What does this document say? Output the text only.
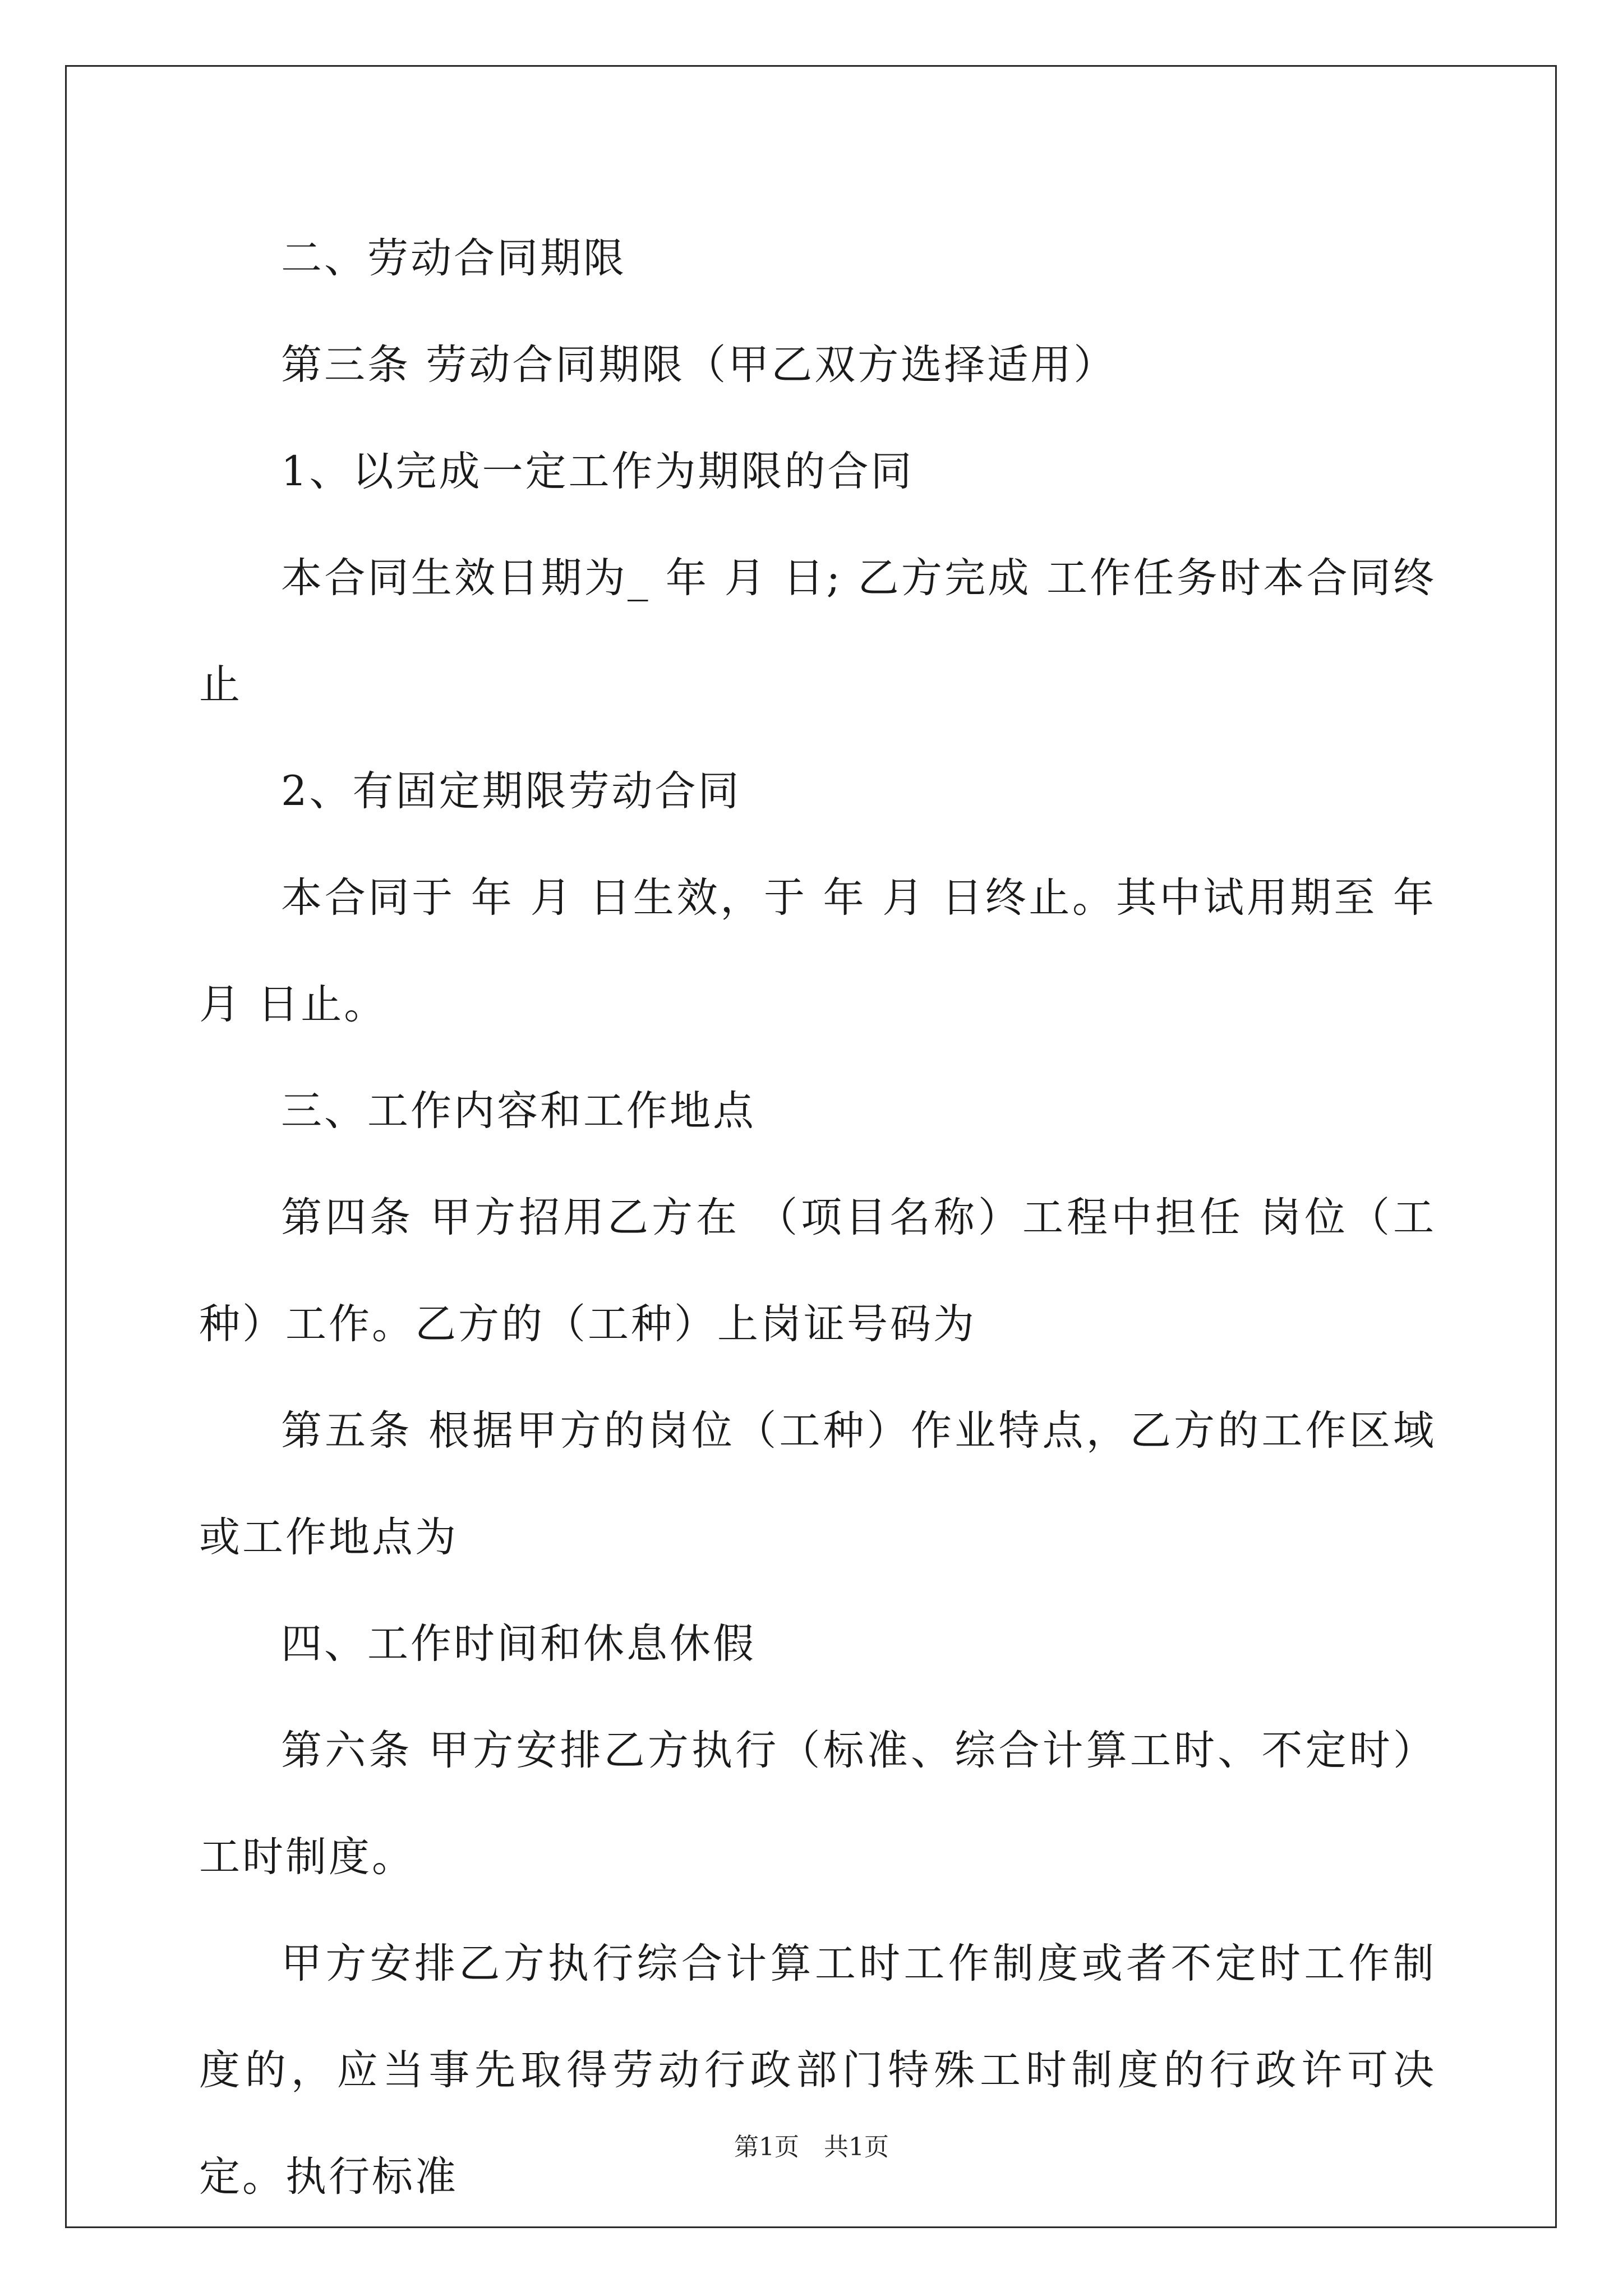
二、劳动合同期限

第三条 劳动合同期限（甲乙双方选择适用）

1、以完成一定工作为期限的合同

本合同生效日期为_ 年 月 日; 乙方完成 工作任务时本合同终止

2、有固定期限劳动合同

本合同于 年 月 日生效，于 年 月 日终止。其中试用期至 年 月 日止。

三、工作内容和工作地点

第四条 甲方招用乙方在 （项目名称）工程中担任 岗位（工种）工作。乙方的（工种）上岗证号码为

第五条 根据甲方的岗位（工种）作业特点，乙方的工作区域或工作地点为

四、工作时间和休息休假

第六条 甲方安排乙方执行（标准、综合计算工时、不定时） 工时制度。

甲方安排乙方执行综合计算工时工作制度或者不定时工作制度的，应当事先取得劳动行政部门特殊工时制度的行政许可决定。执行标准

第1页　共1页
